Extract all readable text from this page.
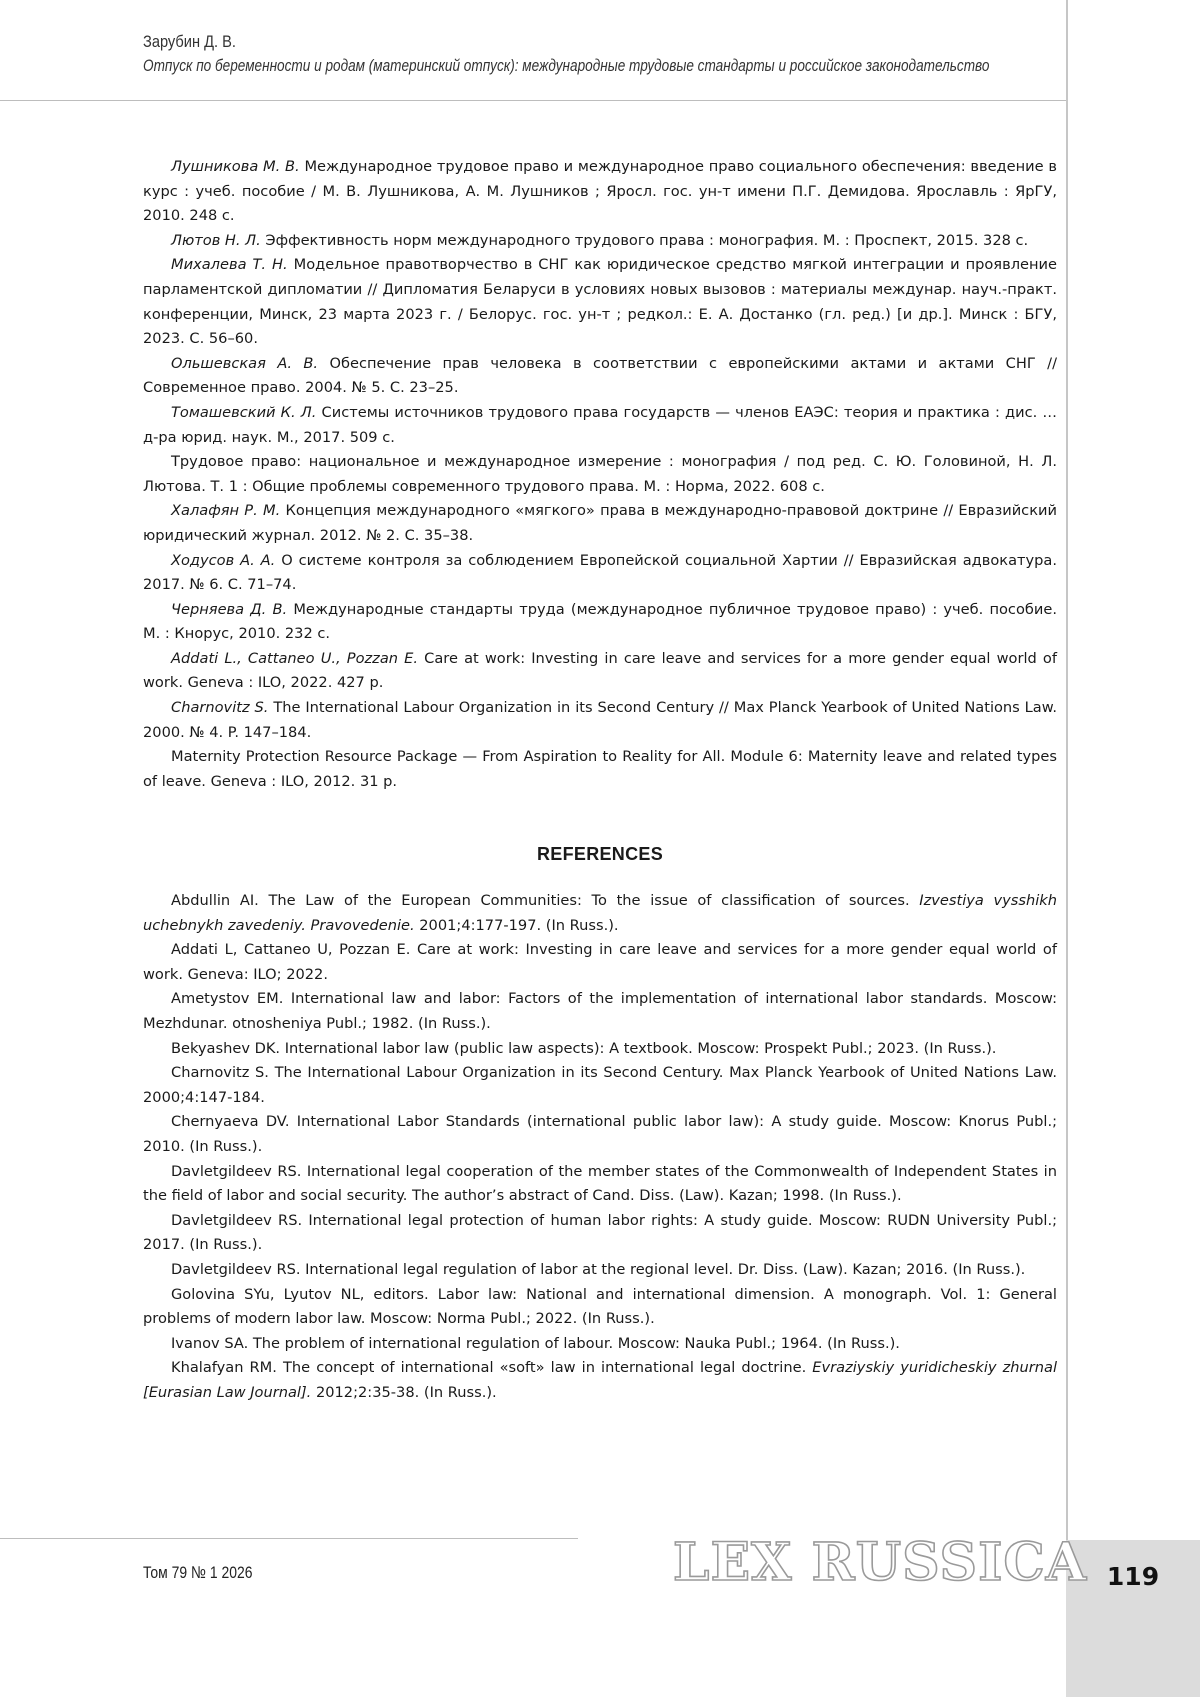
119
Зарубин Д. В.
Отпуск по беременности и родам (материнский отпуск): международные трудовые стандарты и российское законодательство

Лушникова М. В. Международное трудовое право и международное право социального обеспечения: введение в курс : учеб. пособие / М. В. Лушникова, А. М. Лушников ; Яросл. гос. ун-т имени П.Г. Демидова. Ярославль : ЯрГУ, 2010. 248 с.

Лютов Н. Л. Эффективность норм международного трудового права : монография. М. : Проспект, 2015. 328 с.

Михалева Т. Н. Модельное правотворчество в СНГ как юридическое средство мягкой интеграции и проявление парламентской дипломатии // Дипломатия Беларуси в условиях новых вызовов : материалы междунар. науч.-практ. конференции, Минск, 23 марта 2023 г. / Белорус. гос. ун-т ; редкол.: Е. А. Достанко (гл. ред.) [и др.]. Минск : БГУ, 2023. С. 56–60.

Ольшевская А. В. Обеспечение прав человека в соответствии с европейскими актами и актами СНГ // Современное право. 2004. № 5. С. 23–25.

Томашевский К. Л. Системы источников трудового права государств — членов ЕАЭС: теория и практика : дис. … д-ра юрид. наук. М., 2017. 509 с.

Трудовое право: национальное и международное измерение : монография / под ред. С. Ю. Головиной, Н. Л. Лютова. Т. 1 : Общие проблемы современного трудового права. М. : Норма, 2022. 608 с.

Халафян Р. М. Концепция международного «мягкого» права в международно-правовой доктрине // Евразийский юридический журнал. 2012. № 2. С. 35–38.

Ходусов А. А. О системе контроля за соблюдением Европейской социальной Хартии // Евразийская адвокатура. 2017. № 6. С. 71–74.

Черняева Д. В. Международные стандарты труда (международное публичное трудовое право) : учеб. пособие. М. : Кнорус, 2010. 232 с.

Addati L., Cattaneo U., Pozzan E. Care at work: Investing in care leave and services for a more gender equal world of work. Geneva : ILO, 2022. 427 p.

Charnovitz S. The International Labour Organization in its Second Century // Max Planck Yearbook of United Nations Law. 2000. № 4. P. 147–184.

Maternity Protection Resource Package — From Aspiration to Reality for All. Module 6: Maternity leave and related types of leave. Geneva : ILO, 2012. 31 p.

REFERENCES

Abdullin AI. The Law of the European Communities: To the issue of classification of sources. Izvestiya vysshikh uchebnykh zavedeniy. Pravovedenie. 2001;4:177-197. (In Russ.).

Addati L, Cattaneo U, Pozzan E. Care at work: Investing in care leave and services for a more gender equal world of work. Geneva: ILO; 2022.

Ametystov EM. International law and labor: Factors of the implementation of international labor standards. Moscow: Mezhdunar. otnosheniya Publ.; 1982. (In Russ.).

Bekyashev DK. International labor law (public law aspects): A textbook. Moscow: Prospekt Publ.; 2023. (In Russ.).

Charnovitz S. The International Labour Organization in its Second Century. Max Planck Yearbook of United Nations Law. 2000;4:147-184.

Chernyaeva DV. International Labor Standards (international public labor law): A study guide. Moscow: Knorus Publ.; 2010. (In Russ.).

Davletgildeev RS. International legal cooperation of the member states of the Commonwealth of Independent States in the field of labor and social security. The author’s abstract of Cand. Diss. (Law). Kazan; 1998. (In Russ.).

Davletgildeev RS. International legal protection of human labor rights: A study guide. Moscow: RUDN University Publ.; 2017. (In Russ.).

Davletgildeev RS. International legal regulation of labor at the regional level. Dr. Diss. (Law). Kazan; 2016. (In Russ.).

Golovina SYu, Lyutov NL, editors. Labor law: National and international dimension. A monograph. Vol. 1: General problems of modern labor law. Moscow: Norma Publ.; 2022. (In Russ.).

Ivanov SA. The problem of international regulation of labour. Moscow: Nauka Publ.; 1964. (In Russ.).

Khalafyan RM. The concept of international «soft» law in international legal doctrine. Evraziyskiy yuridicheskiy zhurnal [Eurasian Law Journal]. 2012;2:35-38. (In Russ.).

Том 79 № 1 2026	LEX RUSSICA
